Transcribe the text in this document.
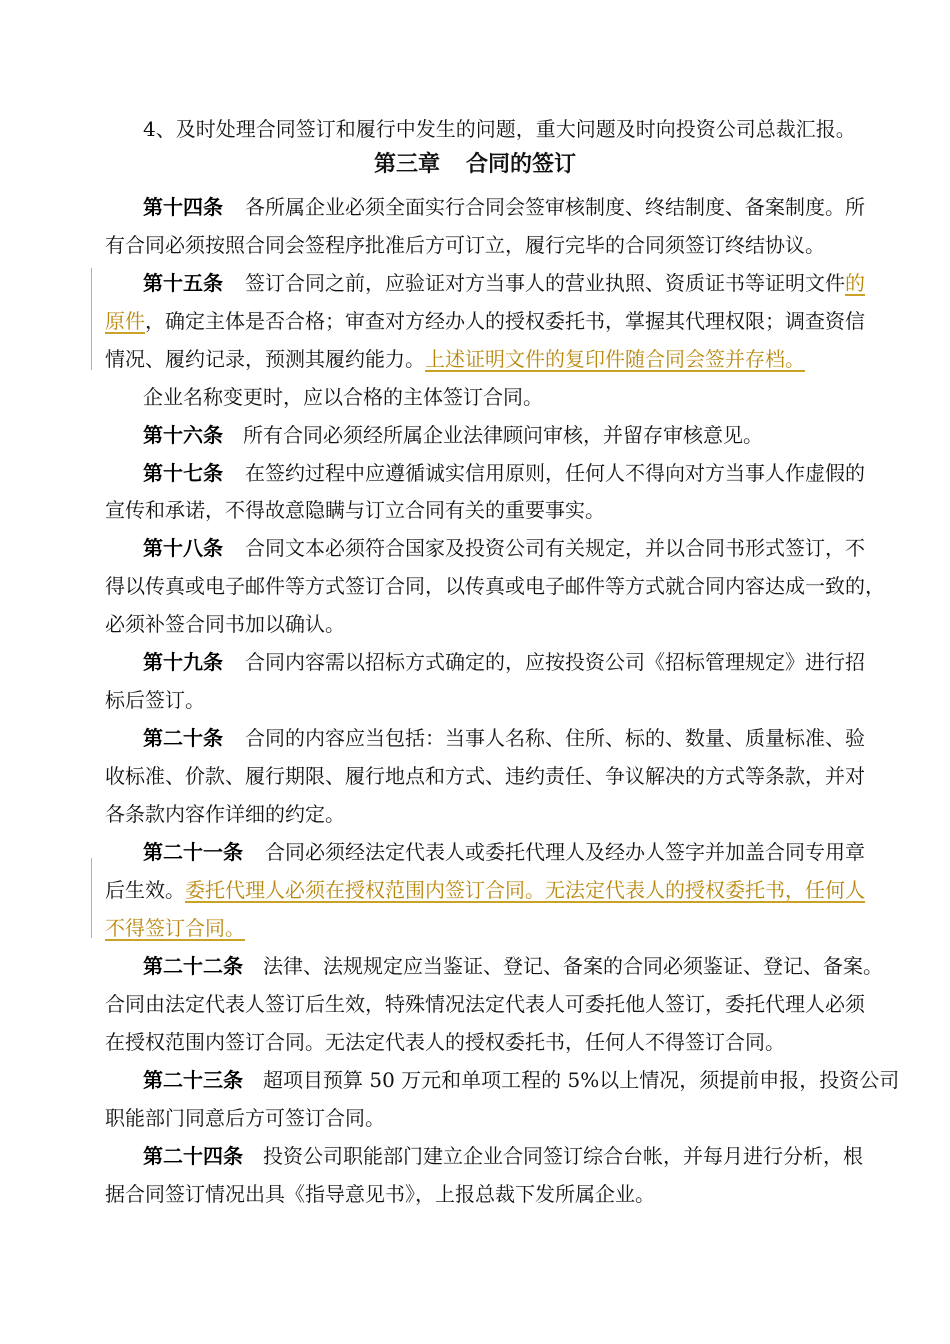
4、及时处理合同签订和履行中发生的问题，重大问题及时向投资公司总裁汇报。

第三章 合同的签订

第十四条 各所属企业必须全面实行合同会签审核制度、终结制度、备案制度。所

有合同必须按照合同会签程序批准后方可订立，履行完毕的合同须签订终结协议。

第十五条 签订合同之前，应验证对方当事人的营业执照、资质证书等证明文件的

原件，确定主体是否合格；审查对方经办人的授权委托书，掌握其代理权限；调查资信

情况、履约记录，预测其履约能力。上述证明文件的复印件随合同会签并存档。

企业名称变更时，应以合格的主体签订合同。

第十六条 所有合同必须经所属企业法律顾问审核，并留存审核意见。

第十七条 在签约过程中应遵循诚实信用原则，任何人不得向对方当事人作虚假的

宣传和承诺，不得故意隐瞒与订立合同有关的重要事实。

第十八条 合同文本必须符合国家及投资公司有关规定，并以合同书形式签订，不

得以传真或电子邮件等方式签订合同，以传真或电子邮件等方式就合同内容达成一致的，

必须补签合同书加以确认。

第十九条 合同内容需以招标方式确定的，应按投资公司《招标管理规定》进行招

标后签订。

第二十条 合同的内容应当包括：当事人名称、住所、标的、数量、质量标准、验

收标准、价款、履行期限、履行地点和方式、违约责任、争议解决的方式等条款，并对

各条款内容作详细的约定。

第二十一条 合同必须经法定代表人或委托代理人及经办人签字并加盖合同专用章

后生效。委托代理人必须在授权范围内签订合同。无法定代表人的授权委托书，任何人

不得签订合同。

第二十二条 法律、法规规定应当鉴证、登记、备案的合同必须鉴证、登记、备案。

合同由法定代表人签订后生效，特殊情况法定代表人可委托他人签订，委托代理人必须

在授权范围内签订合同。无法定代表人的授权委托书，任何人不得签订合同。

第二十三条 超项目预算 50 万元和单项工程的 5%以上情况，须提前申报，投资公司

职能部门同意后方可签订合同。

第二十四条 投资公司职能部门建立企业合同签订综合台帐，并每月进行分析，根

据合同签订情况出具《指导意见书》，上报总裁下发所属企业。
